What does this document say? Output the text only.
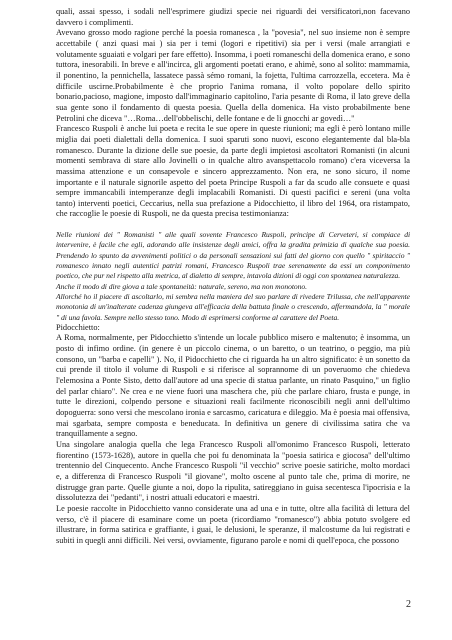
quali, assai spesso, i sodali nell'esprimere giudizi specie nei riguardi dei versificatori,non facevano davvero i complimenti.

Avevano grosso modo ragione perché la poesia romanesca , la "povesia", nel suo insieme non è sempre accettabile ( anzi quasi mai ) sia per i temi (logori e ripetitivi) sia per i versi (male arrangiati e volutamente sguaiati e volgari per fare effetto). Insomma, i poeti romaneschi della domenica erano, e sono tuttora, inesorabili. In breve e all'incirca, gli argomenti poetati erano, e ahimè, sono al solito: mammamia, il ponentino, la pennichella, lassatece passà sémo romani, la fojetta, l'ultima carrozzella, eccetera. Ma è difficile uscirne.Probabilmente è che proprio l'anima romana, il volto popolare dello spirito bonario,pacioso, magione, imposto dall'immaginario capitolino, l'aria pesante di Roma, il lato greve della sua gente sono il fondamento di questa poesia. Quella della domenica. Ha visto probabilmente bene Petrolini che diceva "…Roma…dell'obbelischi, delle fontane e de li gnocchi ar govedì…"

Francesco Ruspoli è anche lui poeta e recita le sue opere in queste riunioni; ma egli è però lontano mille miglia dai poeti dialettali della domenica. I suoi sparuti sono nuovi, escono elegantemente dal bla-bla romanesco. Durante la dizione delle sue poesie, da parte degli impietosi ascoltatori Romanisti (in alcuni momenti sembrava di stare allo Jovinelli o in qualche altro avanspettacolo romano) c'era viceversa la massima attenzione e un consapevole e sincero apprezzamento. Non era, ne sono sicuro, il nome importante e il naturale signorile aspetto del poeta Principe Ruspoli a far da scudo alle consuete e quasi sempre immancabili intemperanze degli implacabili Romanisti. Di questi pacifici e sereni (una volta tanto) interventi poetici, Ceccarius, nella sua prefazione a Pidocchietto, il libro del 1964, ora ristampato, che raccoglie le poesie di Ruspoli, ne da questa precisa testimonianza:

Nelle riunioni dei " Romanisti " alle quali sovente Francesco Ruspoli, principe di Cerveteri, si compiace di intervenire, è facile che egli, adorando alle insistenze degli amici, offra la gradita primizia di qualche sua poesia. Prendendo lo spunto da avvenimenti politici o da personali sensazioni sui fatti del giorno con quello " spiritaccio " romanesco innato negli autentici patrizi romani, Francesco Ruspoli trae serenamente da essi un componimento poetico, che pur nel rispetto alla metrica, al dialetto di sempre, intavola dizioni di oggi con spontanea naturalezza.

Anche il modo di dire giova a tale spontaneità: naturale, sereno, ma non monotono.

Allorché ho il piacere di ascoltarlo, mi sembra nella maniera del suo parlare di rivedere Trilussa, che nell'apparente monotonia di un'inalterate cadenza giungeva all'efficacia della battuta finale o crescendo, affermandola, la " morale " di una favola. Sempre nello stesso tono. Modo di esprimersi conforme al carattere del Poeta.

Pidocchietto:

A Roma, normalmente, per Pidocchietto s'intende un locale pubblico misero e maltenuto; è insomma, un posto di infimo ordine. (in genere è un piccolo cinema, o un baretto, o un teatrino, o peggio, ma più consono, un "barba e capelli" ). No, il Pidocchietto che ci riguarda ha un altro significato: è un sonetto da cui prende il titolo il volume di Ruspoli e si riferisce al soprannome di un poveruomo che chiedeva l'elemosina a Ponte Sisto, detto dall'autore ad una specie di statua parlante, un rinato Pasquino," un figlio del parlar chiaro". Ne crea e ne viene fuori una maschera che, più che parlare chiaro, frusta e punge, in tutte le direzioni, colpendo persone e situazioni reali facilmente riconoscibili negli anni dell'ultimo dopoguerra: sono versi che mescolano ironia e sarcasmo, caricatura e dileggio. Ma è poesia mai offensiva, mai sgarbata, sempre composta e beneducata. In definitiva un genere di civilissima satira che va tranquillamente a segno.

Una singolare analogia quella che lega Francesco Ruspoli all'omonimo Francesco Ruspoli, letterato fiorentino (1573-1628), autore in quella che poi fu denominata la "poesia satirica e giocosa" dell'ultimo trentennio del Cinquecento. Anche Francesco Ruspoli "il vecchio" scrive poesie satiriche, molto mordaci e, a differenza di Francesco Ruspoli "il giovane", molto oscene al punto tale che, prima di morire, ne distrugge gran parte. Quelle giunte a noi, dopo la ripulita, satireggiano in guisa secentesca l'ipocrisia e la dissolutezza dei "pedanti", i nostri attuali educatori e maestri.

Le poesie raccolte in Pidocchietto vanno considerate una ad una e in tutte, oltre alla facilità di lettura del verso, c'è il piacere di esaminare come un poeta (ricordiamo "romanesco") abbia potuto svolgere ed illustrare, in forma satirica e graffiante, i guai, le delusioni, le speranze, il malcostume da lui registrati e subiti in quegli anni difficili. Nei versi, ovviamente, figurano parole e nomi di quell'epoca, che possono

2
